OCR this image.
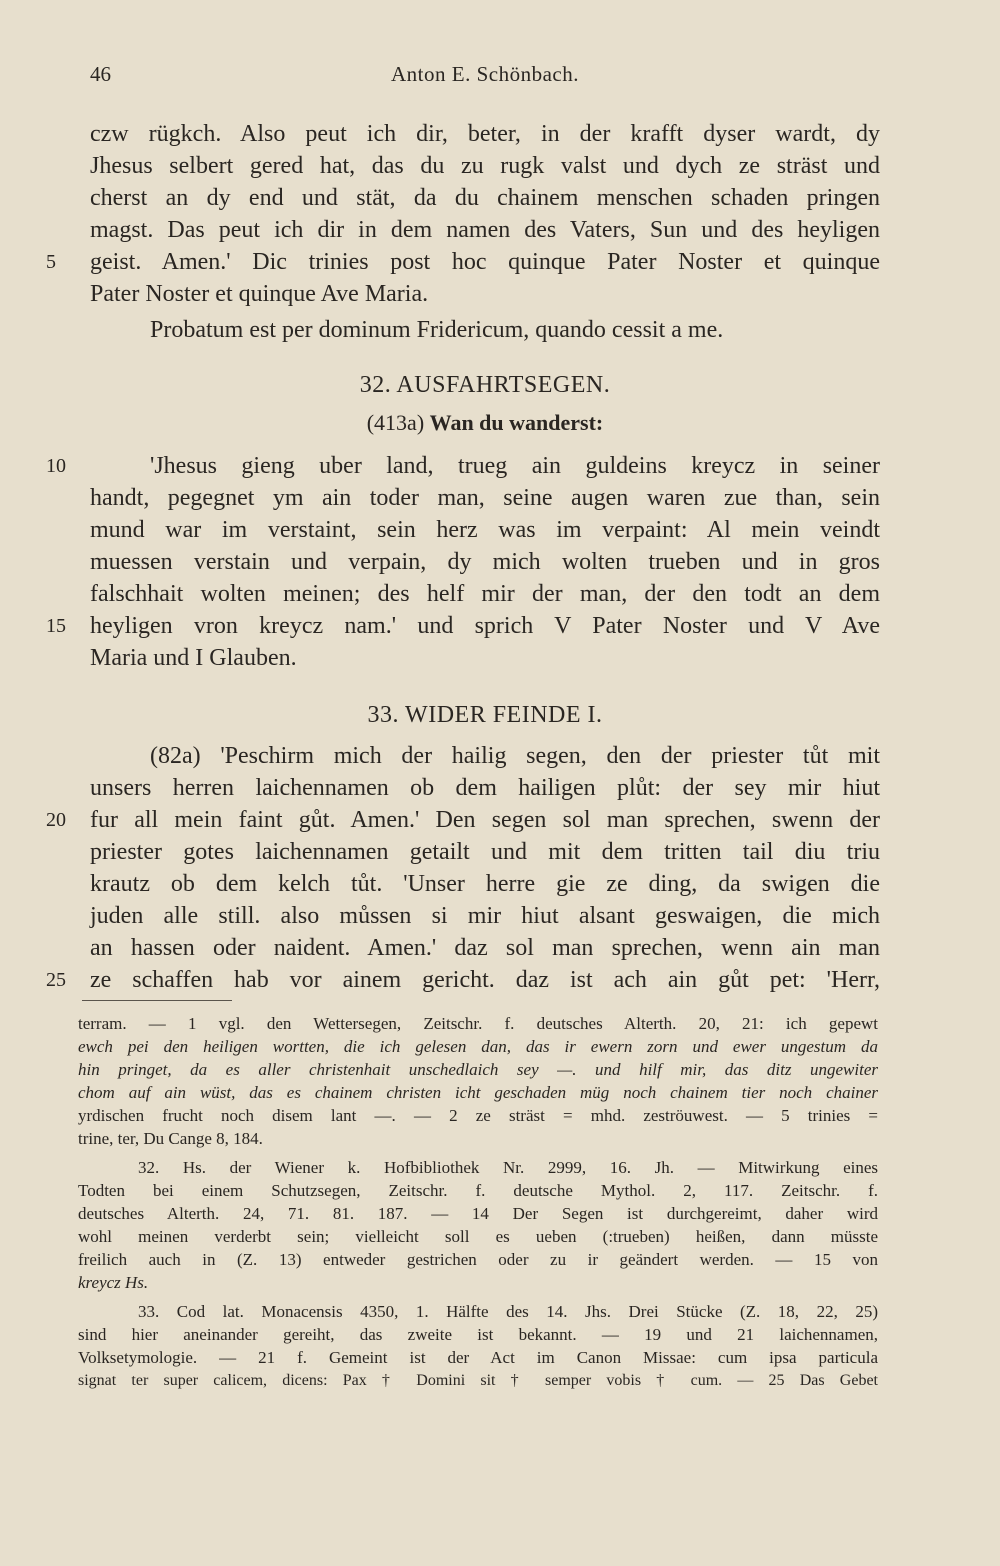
46	Anton E. Schönbach.
czw rügkch. Also peut ich dir, beter, in der krafft dyser wardt, dy
Jhesus selbert gered hat, das du zu rugk valst und dych ze sträst und
cherst an dy end und stät, da du chainem menschen schaden pringen
magst. Das peut ich dir in dem namen des Vaters, Sun und des heyligen
5	geist. Amen.' Dic trinies post hoc quinque Pater Noster et quinque
Pater Noster et quinque Ave Maria.
Probatum est per dominum Fridericum, quando cessit a me.
32. AUSFAHRTSEGEN.
(413a) Wan du wanderst:
10	'Jhesus gieng uber land, trueg ain guldeins kreycz in seiner
handt, pegegnet ym ain toder man, seine augen waren zue than, sein
mund war im verstaint, sein herz was im verpaint: Al mein veindt
muessen verstain und verpain, dy mich wolten trueben und in gros
falschhait wolten meinen; des helf mir der man, der den todt an dem
15	heyligen vron kreycz nam.' und sprich V Pater Noster und V Ave
Maria und I Glauben.
33. WIDER FEINDE I.
(82a) 'Peschirm mich der hailig segen, den der priester tůt mit
unsers herren laichennamen ob dem hailigen plůt: der sey mir hiut
20	fur all mein faint gůt. Amen.' Den segen sol man sprechen, swenn der
priester gotes laichennamen getailt und mit dem tritten tail diu triu
krautz ob dem kelch tůt. 'Unser herre gie ze ding, da swigen die
juden alle still. also můssen si mir hiut alsant geswaigen, die mich
an hassen oder naident. Amen.' daz sol man sprechen, wenn ain man
25	ze schaffen hab vor ainem gericht. daz ist ach ain gůt pet: 'Herr,
terram. — 1 vgl. den Wettersegen, Zeitschr. f. deutsches Alterth. 20, 21: ich gepewt
ewch pei den heiligen wortten, die ich gelesen dan, das ir ewern zorn und ewer ungestum da
hin pringet, da es aller christenhait unschedlaich sey —. und hilf mir, das ditz ungewiter
chom auf ain wüst, das es chainem christen icht geschaden müg noch chainem tier noch chainer
yrdischen frucht noch disem lant —. — 2 ze sträst = mhd. zeströuwest. — 5 trinies =
trine, ter, Du Cange 8, 184.
32. Hs. der Wiener k. Hofbibliothek Nr. 2999, 16. Jh. — Mitwirkung eines
Todten bei einem Schutzsegen, Zeitschr. f. deutsche Mythol. 2, 117. Zeitschr. f.
deutsches Alterth. 24, 71. 81. 187. — 14 Der Segen ist durchgereimt, daher wird
wohl meinen verderbt sein; vielleicht soll es ueben (:trueben) heißen, dann müsste
freilich auch in (Z. 13) entweder gestrichen oder zu ir geändert werden. — 15 von
kreycz Hs.
33. Cod lat. Monacensis 4350, 1. Hälfte des 14. Jhs. Drei Stücke (Z. 18, 22, 25)
sind hier aneinander gereiht, das zweite ist bekannt. — 19 und 21 laichennamen,
Volksetymologie. — 21 f. Gemeint ist der Act im Canon Missae: cum ipsa particula
signat ter super calicem, dicens: Pax † Domini sit † semper vobis † cum. — 25 Das Gebet
